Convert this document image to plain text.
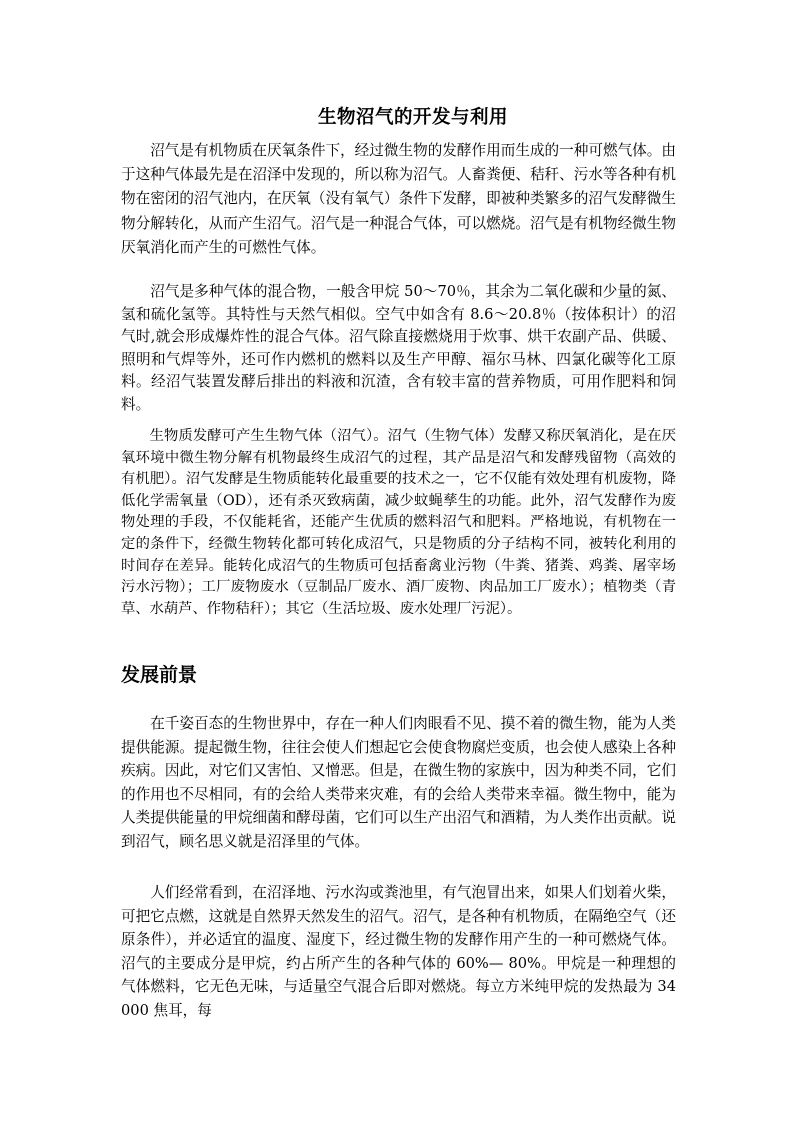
生物沼气的开发与利用

沼气是有机物质在厌氧条件下，经过微生物的发酵作用而生成的一种可燃气体。由于这种气体最先是在沼泽中发现的，所以称为沼气。人畜粪便、秸秆、污水等各种有机物在密闭的沼气池内，在厌氧（没有氧气）条件下发酵，即被种类繁多的沼气发酵微生物分解转化，从而产生沼气。沼气是一种混合气体，可以燃烧。沼气是有机物经微生物厌氧消化而产生的可燃性气体。

沼气是多种气体的混合物，一般含甲烷 50～70％，其余为二氧化碳和少量的氮、氢和硫化氢等。其特性与天然气相似。空气中如含有 8.6～20.8％（按体积计）的沼气时,就会形成爆炸性的混合气体。沼气除直接燃烧用于炊事、烘干农副产品、供暖、照明和气焊等外，还可作内燃机的燃料以及生产甲醇、福尔马林、四氯化碳等化工原料。经沼气装置发酵后排出的料液和沉渣，含有较丰富的营养物质，可用作肥料和饲料。

生物质发酵可产生生物气体（沼气）。沼气（生物气体）发酵又称厌氧消化，是在厌氧环境中微生物分解有机物最终生成沼气的过程，其产品是沼气和发酵残留物（高效的有机肥）。沼气发酵是生物质能转化最重要的技术之一，它不仅能有效处理有机废物，降低化学需氧量（OD），还有杀灭致病菌，减少蚊蝇孳生的功能。此外，沼气发酵作为废物处理的手段，不仅能耗省，还能产生优质的燃料沼气和肥料。严格地说，有机物在一定的条件下，经微生物转化都可转化成沼气，只是物质的分子结构不同，被转化利用的时间存在差异。能转化成沼气的生物质可包括畜禽业污物（牛粪、猪粪、鸡粪、屠宰场污水污物）；工厂废物废水（豆制品厂废水、酒厂废物、肉品加工厂废水）；植物类（青草、水葫芦、作物秸秆）；其它（生活垃圾、废水处理厂污泥）。

发展前景

在千姿百态的生物世界中，存在一种人们肉眼看不见、摸不着的微生物，能为人类提供能源。提起微生物，往往会使人们想起它会使食物腐烂变质，也会使人感染上各种疾病。因此，对它们又害怕、又憎恶。但是，在微生物的家族中，因为种类不同，它们的作用也不尽相同，有的会给人类带来灾难，有的会给人类带来幸福。微生物中，能为人类提供能量的甲烷细菌和酵母菌，它们可以生产出沼气和酒精，为人类作出贡献。说到沼气，顾名思义就是沼泽里的气体。

人们经常看到，在沼泽地、污水沟或粪池里，有气泡冒出来，如果人们划着火柴，可把它点燃，这就是自然界天然发生的沼气。沼气，是各种有机物质，在隔绝空气（还原条件），并必适宜的温度、湿度下，经过微生物的发酵作用产生的一种可燃烧气体。沼气的主要成分是甲烷，约占所产生的各种气体的 60%— 80%。甲烷是一种理想的气体燃料，它无色无味，与适量空气混合后即对燃烧。每立方米纯甲烷的发热最为 34000 焦耳，每
